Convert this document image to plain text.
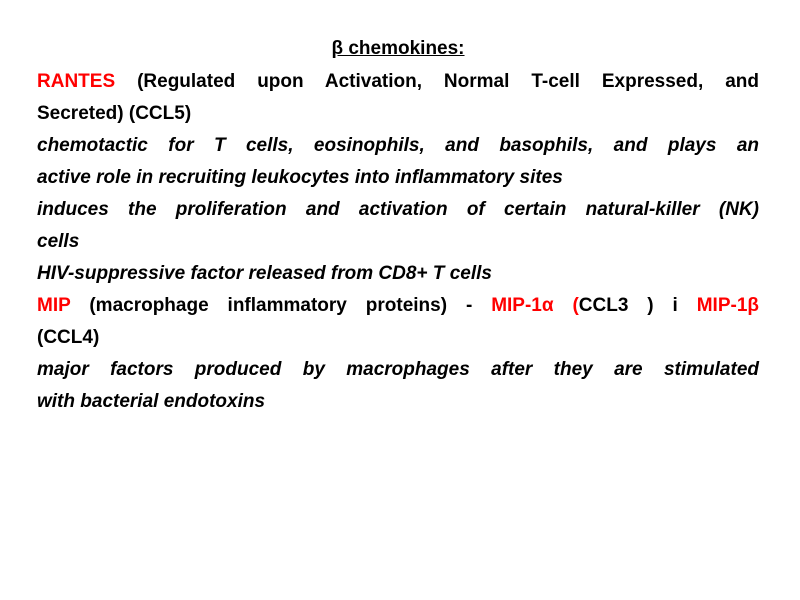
β chemokines:
RANTES (Regulated upon Activation, Normal T-cell Expressed, and
Secreted) (CCL5)
chemotactic for T cells, eosinophils, and basophils, and plays an
active role in recruiting leukocytes into inflammatory sites
induces the proliferation and activation of certain natural-killer (NK)
cells
HIV-suppressive factor released from CD8+ T cells
MIP (macrophage inflammatory proteins) - MIP-1α (CCL3 ) i MIP-1β
(CCL4)
major factors produced by macrophages after they are stimulated
with bacterial endotoxins
